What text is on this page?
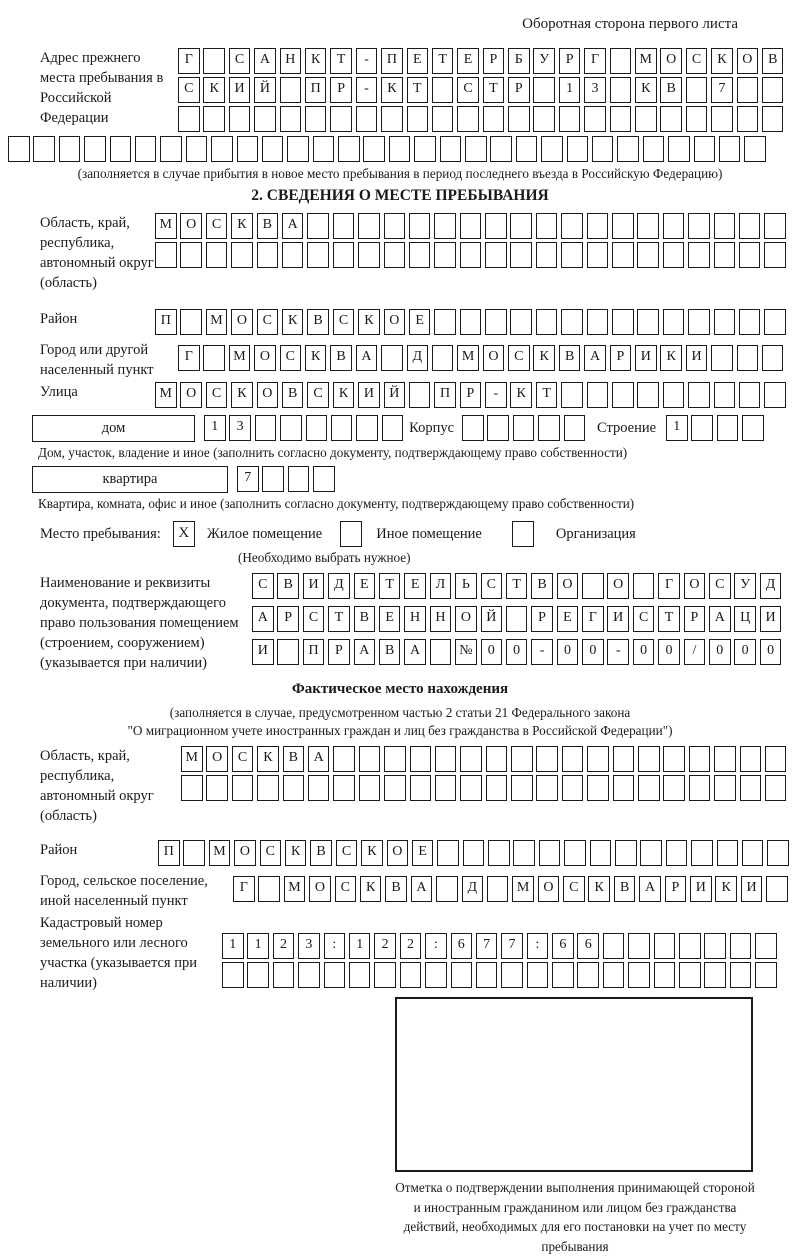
Оборотная сторона первого листа
Адрес прежнего места пребывания в Российской Федерации
Г	С А Н К Т - П Е Т Е Р Б У Р Г	М О С К О В
С К И Й	П Р - К Т	С Т Р	1 3	К В	7

(заполняется в случае прибытия в новое место пребывания в период последнего въезда в Российскую Федерацию)
2. СВЕДЕНИЯ О МЕСТЕ ПРЕБЫВАНИЯ
Область, край, республика, автономный округ (область)
М О С К В А

Район	П	М О С К В С К О Е
Город или другой населенный пункт
Г	М О С К В А	Д	М О С К В А Р И К И
Улица	М О С К О В С К И Й	П Р - К Т
дом	1 3	Корпус
	Строение	1
Дом, участок, владение и иное (заполнить согласно документу, подтверждающему право собственности)
квартира	7
Квартира, комната, офис и иное (заполнить согласно документу, подтверждающему право собственности)
Место пребывания:	X	Жилое помещение
	Иное помещение
	Организация
(Необходимо выбрать нужное)
Наименование и реквизиты документа, подтверждающего право пользования помещением (строением, сооружением) (указывается при наличии)
С В И Д Е Т Е Л Ь С Т В О	О	Г О С У Д
А Р С Т В Е Н Н О Й	Р Е Г И С Т Р А Ц И
И	П Р А В А	№ 0 0 - 0 0 - 0 0 / 0 0 0
Фактическое место нахождения
(заполняется в случае, предусмотренном частью 2 статьи 21 Федерального закона
"О миграционном учете иностранных граждан и лиц без гражданства в Российской Федерации")
Область, край, республика, автономный округ (область)
М О С К В А

Район	П	М О С К В С К О Е
Город, сельское поселение, иной населенный пункт
Г	М О С К В А	Д	М О С К В А Р И К И
Кадастровый номер земельного или лесного участка (указывается при наличии)
1 1 2 3 : 1 2 2 : 6 7 7 : 6 6

Отметка о подтверждении выполнения принимающей стороной и иностранным гражданином или лицом без гражданства действий, необходимых для его постановки на учет по месту пребывания
